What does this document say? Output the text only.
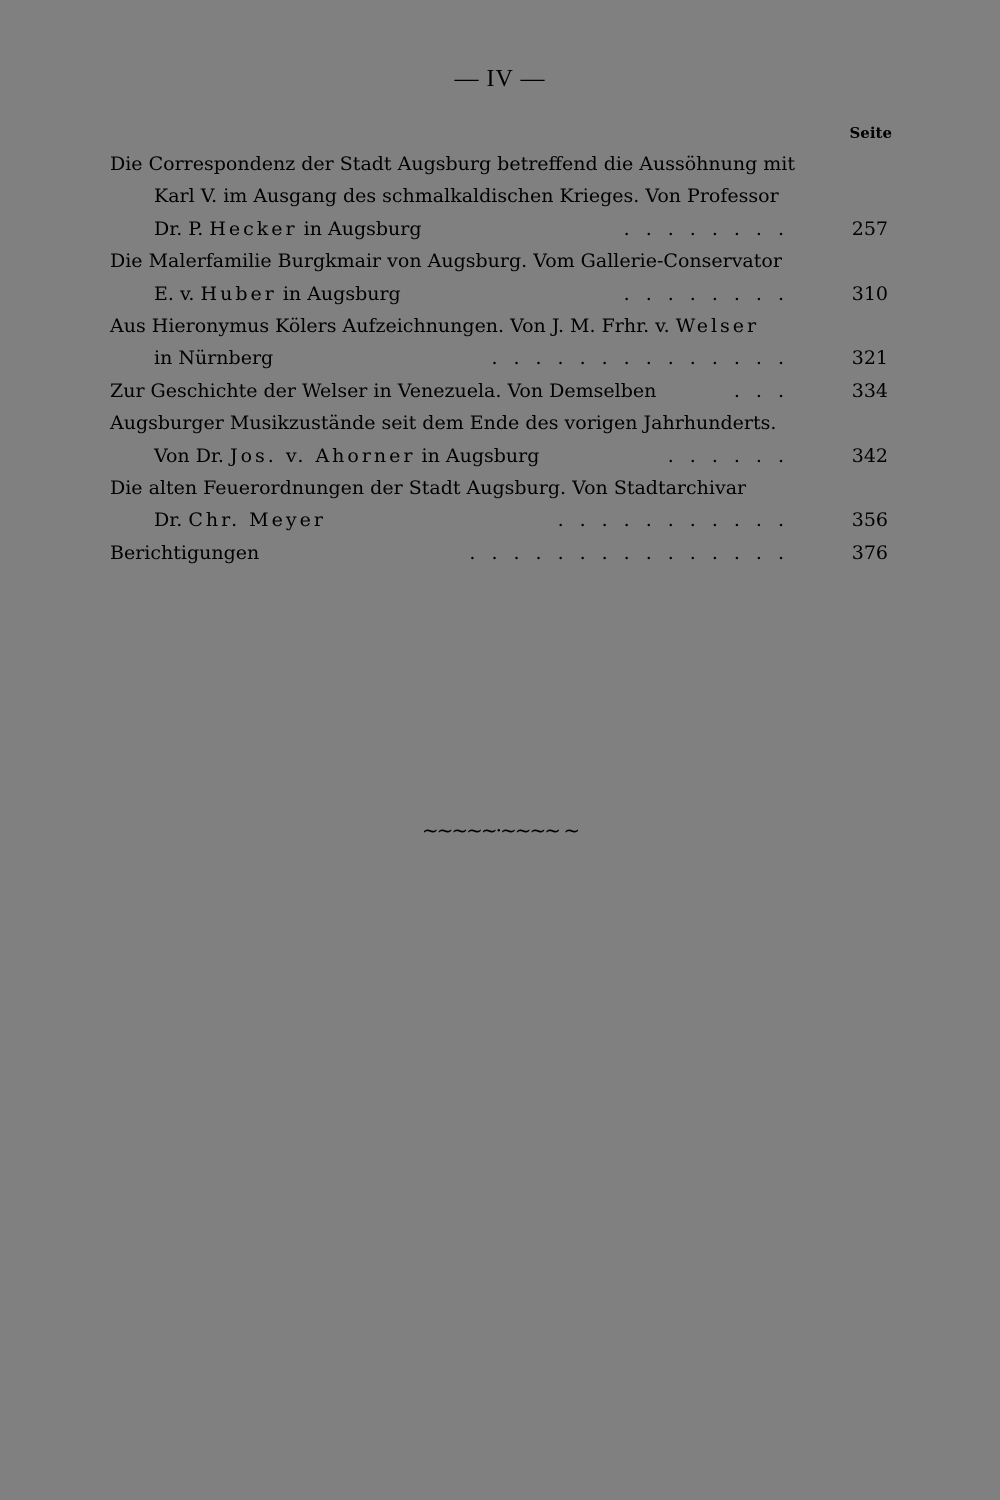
— IV —
Seite
Die Correspondenz der Stadt Augsburg betreffend die Aussöhnung mit
Karl V. im Ausgang des schmalkaldischen Krieges. Von Professor
Dr. P. Hecker in Augsburg	........	257
Die Malerfamilie Burgkmair von Augsburg. Vom Gallerie-Conservator
E. v. Huber in Augsburg	........	310
Aus Hieronymus Kölers Aufzeichnungen. Von J. M. Frhr. v. Welser
in Nürnberg	..............	321
Zur Geschichte der Welser in Venezuela. Von Demselben	...	334
Augsburger Musikzustände seit dem Ende des vorigen Jahrhunderts.
Von Dr. Jos. v. Ahorner in Augsburg	......	342
Die alten Feuerordnungen der Stadt Augsburg. Von Stadtarchivar
Dr. Chr. Meyer	...........	356
Berichtigungen	...............	376
~~~~~·~~~~ ~
